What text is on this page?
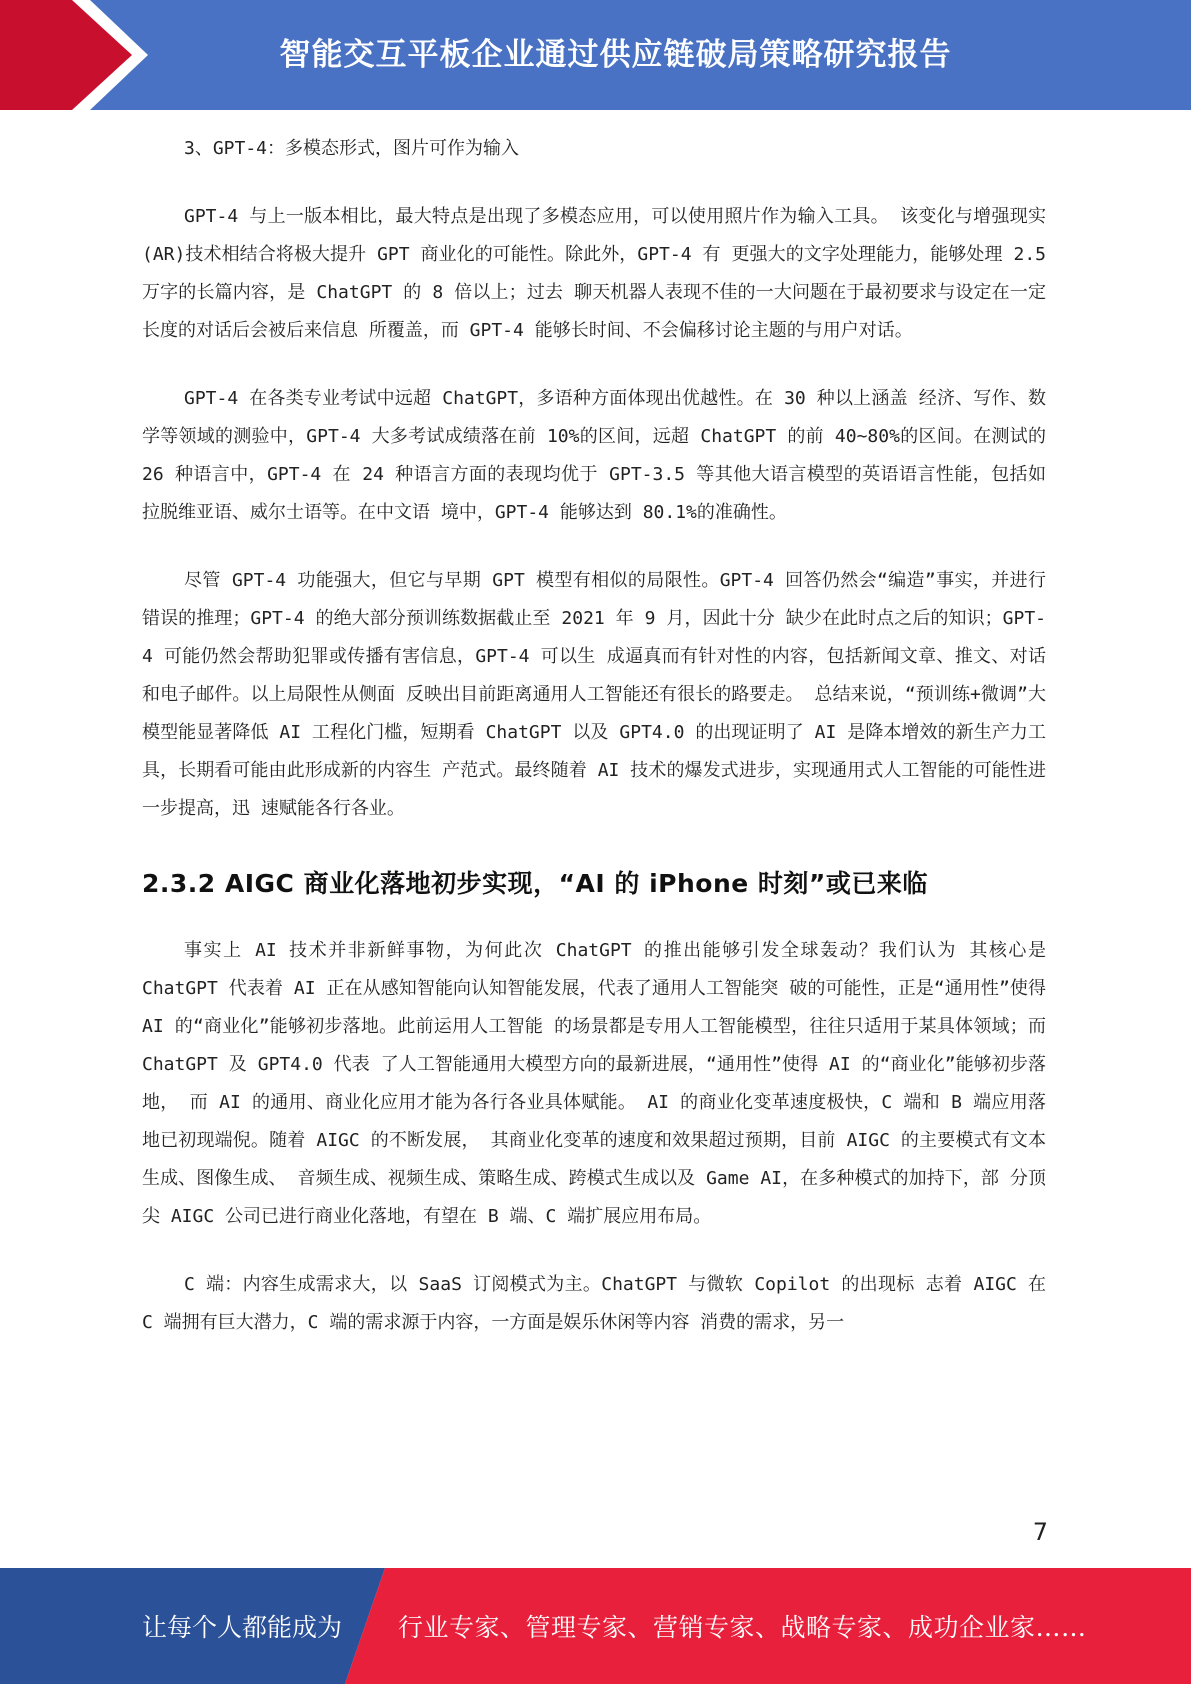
智能交互平板企业通过供应链破局策略研究报告

3、GPT-4：多模态形式，图片可作为输入

GPT-4 与上一版本相比，最大特点是出现了多模态应用，可以使用照片作为输入工具。 该变化与增强现实(AR)技术相结合将极大提升 GPT 商业化的可能性。除此外，GPT-4 有 更强大的文字处理能力，能够处理 2.5 万字的长篇内容，是 ChatGPT 的 8 倍以上；过去 聊天机器人表现不佳的一大问题在于最初要求与设定在一定长度的对话后会被后来信息 所覆盖，而 GPT-4 能够长时间、不会偏移讨论主题的与用户对话。

GPT-4 在各类专业考试中远超 ChatGPT，多语种方面体现出优越性。在 30 种以上涵盖 经济、写作、数学等领域的测验中，GPT-4 大多考试成绩落在前 10%的区间，远超 ChatGPT 的前 40~80%的区间。在测试的 26 种语言中，GPT-4 在 24 种语言方面的表现均优于 GPT-3.5 等其他大语言模型的英语语言性能，包括如拉脱维亚语、威尔士语等。在中文语 境中，GPT-4 能够达到 80.1%的准确性。

尽管 GPT-4 功能强大，但它与早期 GPT 模型有相似的局限性。GPT-4 回答仍然会“编造”事实，并进行错误的推理；GPT-4 的绝大部分预训练数据截止至 2021 年 9 月，因此十分 缺少在此时点之后的知识；GPT-4 可能仍然会帮助犯罪或传播有害信息，GPT-4 可以生 成逼真而有针对性的内容，包括新闻文章、推文、对话和电子邮件。以上局限性从侧面 反映出目前距离通用人工智能还有很长的路要走。 总结来说，“预训练+微调”大模型能显著降低 AI 工程化门槛，短期看 ChatGPT 以及 GPT4.0 的出现证明了 AI 是降本增效的新生产力工具，长期看可能由此形成新的内容生 产范式。最终随着 AI 技术的爆发式进步，实现通用式人工智能的可能性进一步提高，迅 速赋能各行各业。

2.3.2 AIGC 商业化落地初步实现，“AI 的 iPhone 时刻”或已来临

事实上 AI 技术并非新鲜事物，为何此次 ChatGPT 的推出能够引发全球轰动？我们认为 其核心是 ChatGPT 代表着 AI 正在从感知智能向认知智能发展，代表了通用人工智能突 破的可能性，正是“通用性”使得 AI 的“商业化”能够初步落地。此前运用人工智能 的场景都是专用人工智能模型，往往只适用于某具体领域；而 ChatGPT 及 GPT4.0 代表 了人工智能通用大模型方向的最新进展，“通用性”使得 AI 的“商业化”能够初步落地， 而 AI 的通用、商业化应用才能为各行各业具体赋能。 AI 的商业化变革速度极快，C 端和 B 端应用落地已初现端倪。随着 AIGC 的不断发展， 其商业化变革的速度和效果超过预期，目前 AIGC 的主要模式有文本生成、图像生成、 音频生成、视频生成、策略生成、跨模式生成以及 Game AI，在多种模式的加持下，部 分顶尖 AIGC 公司已进行商业化落地，有望在 B 端、C 端扩展应用布局。

C 端：内容生成需求大，以 SaaS 订阅模式为主。ChatGPT 与微软 Copilot 的出现标 志着 AIGC 在 C 端拥有巨大潜力，C 端的需求源于内容，一方面是娱乐休闲等内容 消费的需求，另一

7
让每个人都能成为 行业专家、管理专家、营销专家、战略专家、成功企业家……
